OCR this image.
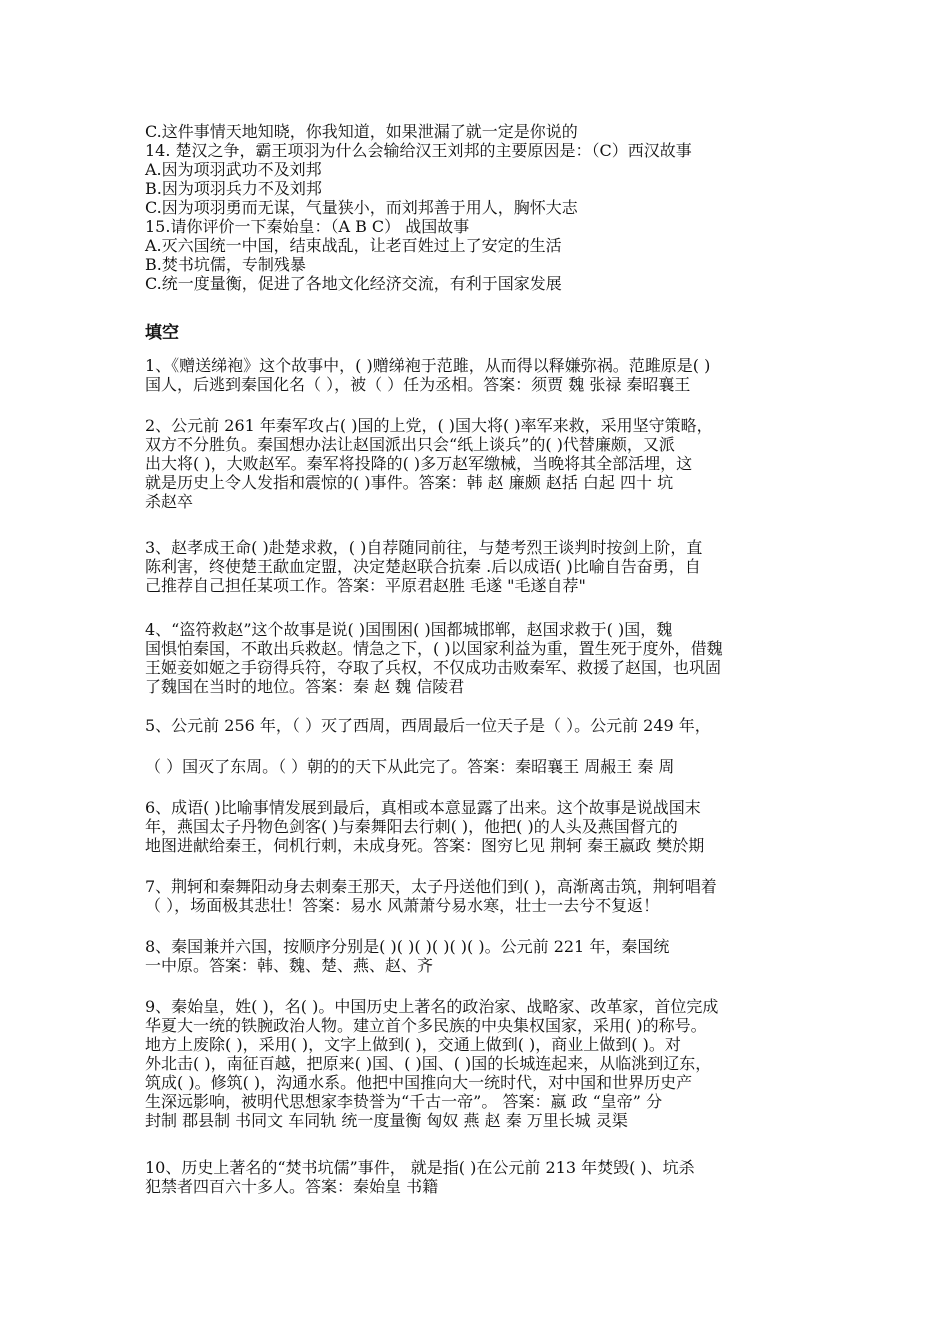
C.这件事情天地知晓，你我知道，如果泄漏了就一定是你说的
14. 楚汉之争，霸王项羽为什么会输给汉王刘邦的主要原因是：（C）西汉故事
A.因为项羽武功不及刘邦
B.因为项羽兵力不及刘邦
C.因为项羽勇而无谋，气量狭小，而刘邦善于用人，胸怀大志
15.请你评价一下秦始皇：（A B C） 战国故事
A.灭六国统一中国，结束战乱，让老百姓过上了安定的生活
B.焚书坑儒，专制残暴
C.统一度量衡，促进了各地文化经济交流，有利于国家发展
填空
1、《赠送绨袍》这个故事中，( )赠绨袍于范雎，从而得以释嫌弥祸。范雎原是( )
国人，后逃到秦国化名（ ），被（ ）任为丞相。答案：须贾 魏 张禄 秦昭襄王
2、公元前 261 年秦军攻占( )国的上党，( )国大将( )率军来救，采用坚守策略，
双方不分胜负。秦国想办法让赵国派出只会“纸上谈兵”的( )代替廉颇，又派
出大将( )，大败赵军。秦军将投降的( )多万赵军缴械，当晚将其全部活埋，这
就是历史上令人发指和震惊的( )事件。答案：韩 赵 廉颇 赵括 白起 四十 坑
杀赵卒
3、赵孝成王命( )赴楚求救，( )自荐随同前往，与楚考烈王谈判时按剑上阶，直
陈利害，终使楚王歃血定盟，决定楚赵联合抗秦 .后以成语( )比喻自告奋勇，自
己推荐自己担任某项工作。答案：平原君赵胜 毛遂 "毛遂自荐"
4、“盗符救赵”这个故事是说( )国围困( )国都城邯郸，赵国求救于( )国，魏
国惧怕秦国，不敢出兵救赵。情急之下，( )以国家利益为重，置生死于度外，借魏
王姬妾如姬之手窃得兵符，夺取了兵权，不仅成功击败秦军、救援了赵国，也巩固
了魏国在当时的地位。答案：秦 赵 魏 信陵君
5、公元前 256 年，（ ）灭了西周，西周最后一位天子是（ ）。公元前 249 年，
（ ）国灭了东周。（ ）朝的的天下从此完了。答案：秦昭襄王 周赧王 秦 周
6、成语( )比喻事情发展到最后，真相或本意显露了出来。这个故事是说战国末
年，燕国太子丹物色剑客( )与秦舞阳去行刺( )，他把( )的人头及燕国督亢的
地图进献给秦王，伺机行刺，未成身死。答案：图穷匕见 荆轲 秦王嬴政 樊於期
7、荆轲和秦舞阳动身去刺秦王那天，太子丹送他们到( )，高渐离击筑，荆轲唱着
（ ），场面极其悲壮！答案：易水 风萧萧兮易水寒，壮士一去兮不复返！
8、秦国兼并六国，按顺序分别是( )( )( )( )( )( )。公元前 221 年，秦国统
一中原。答案：韩、魏、楚、燕、赵、齐
9、秦始皇，姓( )，名( )。中国历史上著名的政治家、战略家、改革家，首位完成
华夏大一统的铁腕政治人物。建立首个多民族的中央集权国家，采用( )的称号。
地方上废除( )，采用( )，文字上做到( )，交通上做到( )，商业上做到( )。对
外北击( )，南征百越，把原来( )国、( )国、( )国的长城连起来，从临洮到辽东，
筑成( )。修筑( )，沟通水系。他把中国推向大一统时代，对中国和世界历史产
生深远影响，被明代思想家李贽誉为“千古一帝”。 答案：嬴 政 “皇帝” 分
封制 郡县制 书同文 车同轨 统一度量衡 匈奴 燕 赵 秦 万里长城 灵渠
10、历史上著名的“焚书坑儒”事件， 就是指( )在公元前 213 年焚毁( )、坑杀
犯禁者四百六十多人。答案：秦始皇 书籍
